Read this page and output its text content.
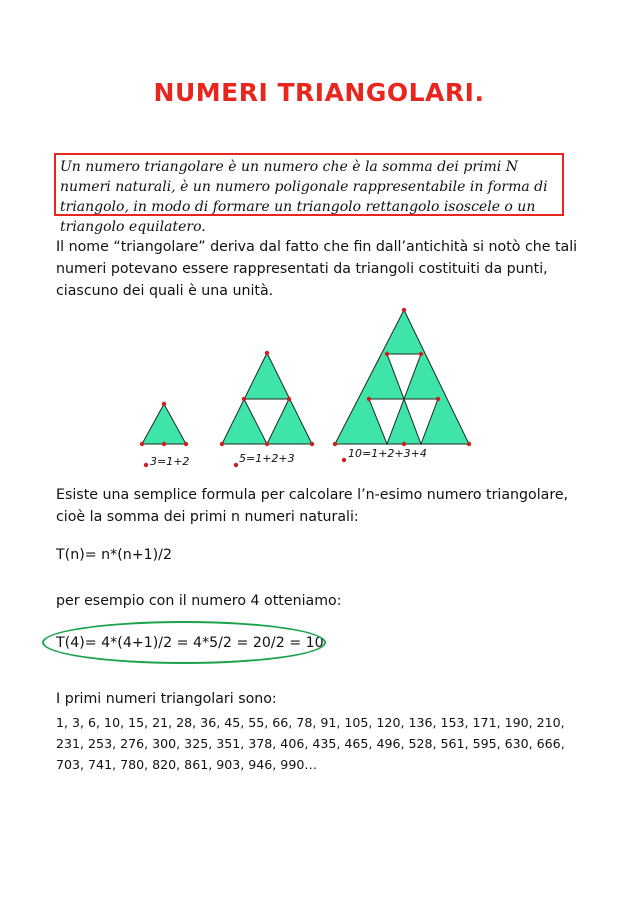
NUMERI TRIANGOLARI.
Un numero triangolare è un numero che è la somma dei primi N numeri naturali, è un numero poligonale rappresentabile in forma di triangolo, in modo di formare un triangolo rettangolo isoscele o un triangolo equilatero.
Il nome “triangolare” deriva dal fatto che fin dall’antichità si notò che tali numeri potevano essere rappresentati da triangoli costituiti da punti, ciascuno dei quali è una unità.
3=1+2	5=1+2+3	10=1+2+3+4
Esiste una semplice formula per calcolare l’n-esimo numero triangolare, cioè la somma dei primi n numeri naturali:
T(n)= n*(n+1)/2
per esempio con il numero 4 otteniamo:
T(4)= 4*(4+1)/2 = 4*5/2 = 20/2 = 10
I primi numeri triangolari sono:
1, 3, 6, 10, 15, 21, 28, 36, 45, 55, 66, 78, 91, 105, 120, 136, 153, 171, 190, 210, 231, 253, 276, 300, 325, 351, 378, 406, 435, 465, 496, 528, 561, 595, 630, 666, 703, 741, 780, 820, 861, 903, 946, 990…
